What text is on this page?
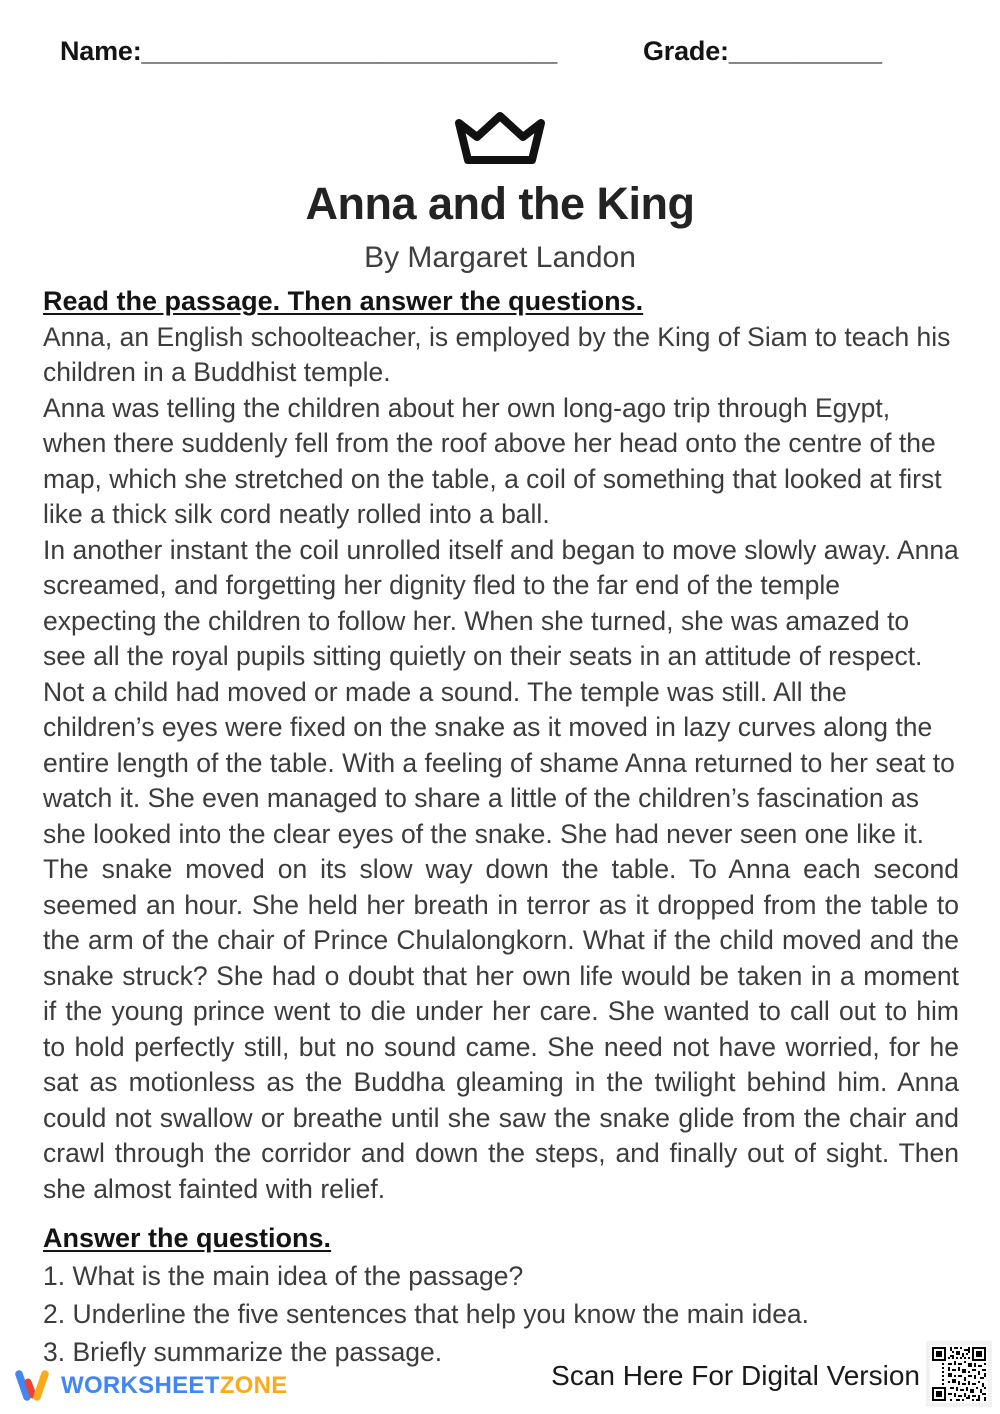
Name:______________________________	Grade:___________
Anna and the King
By Margaret Landon
Read the passage. Then answer the questions.

Anna, an English schoolteacher, is employed by the King of Siam to teach his children in a Buddhist temple.

Anna was telling the children about her own long-ago trip through Egypt, when there suddenly fell from the roof above her head onto the centre of the map, which she stretched on the table, a coil of something that looked at first like a thick silk cord neatly rolled into a ball.

In another instant the coil unrolled itself and began to move slowly away. Anna screamed, and forgetting her dignity fled to the far end of the temple expecting the children to follow her. When she turned, she was amazed to see all the royal pupils sitting quietly on their seats in an attitude of respect. Not a child had moved or made a sound. The temple was still. All the children’s eyes were fixed on the snake as it moved in lazy curves along the entire length of the table. With a feeling of shame Anna returned to her seat to watch it. She even managed to share a little of the children’s fascination as she looked into the clear eyes of the snake. She had never seen one like it.

The snake moved on its slow way down the table. To Anna each second seemed an hour. She held her breath in terror as it dropped from the table to the arm of the chair of Prince Chulalongkorn. What if the child moved and the snake struck? She had o doubt that her own life would be taken in a moment if the young prince went to die under her care. She wanted to call out to him to hold perfectly still, but no sound came. She need not have worried, for he sat as motionless as the Buddha gleaming in the twilight behind him. Anna could not swallow or breathe until she saw the snake glide from the chair and crawl through the corridor and down the steps, and finally out of sight. Then she almost fainted with relief.

Answer the questions.
1. What is the main idea of the passage?
2. Underline the five sentences that help you know the main idea.
3. Briefly summarize the passage.
WORKSHEETZONE	Scan Here For Digital Version
